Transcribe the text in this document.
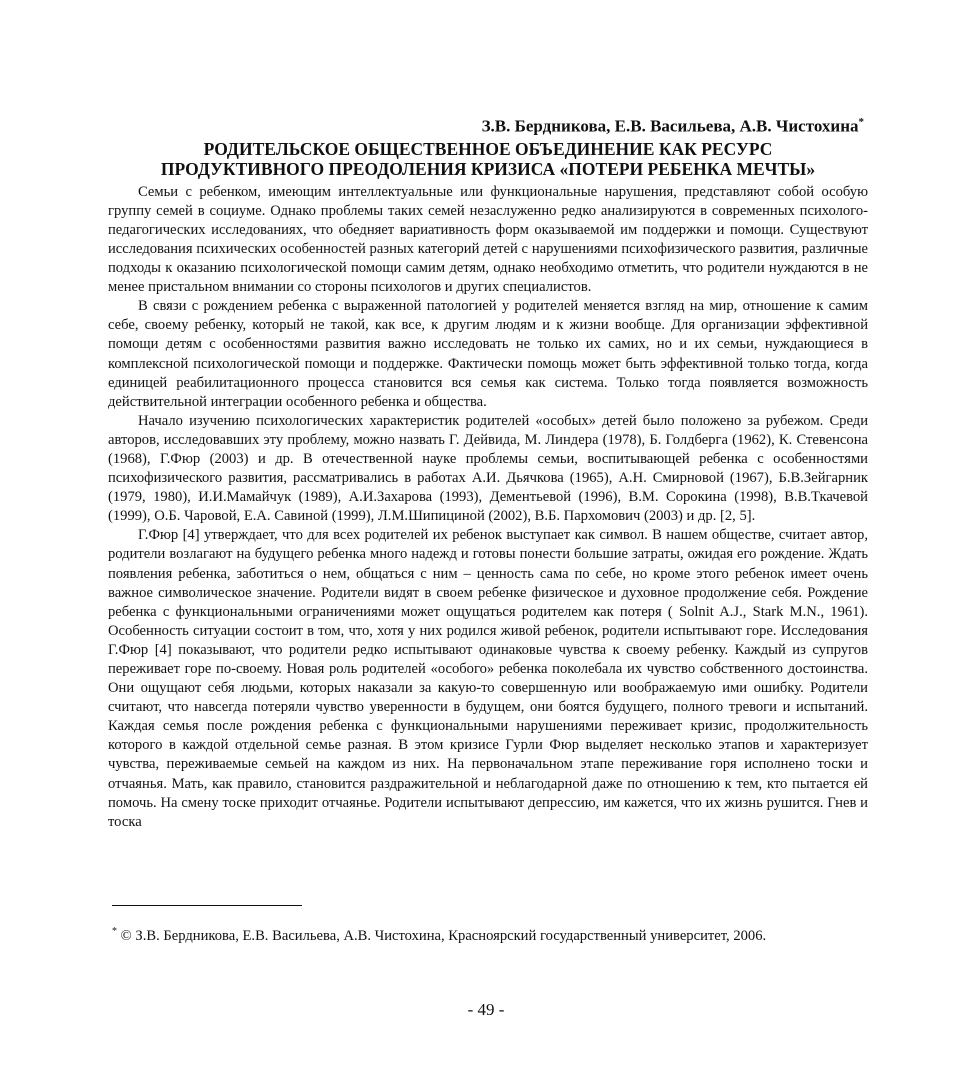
З.В. Бердникова, Е.В. Васильева, А.В. Чистохина*
РОДИТЕЛЬСКОЕ ОБЩЕСТВЕННОЕ ОБЪЕДИНЕНИЕ КАК РЕСУРС
ПРОДУКТИВНОГО ПРЕОДОЛЕНИЯ КРИЗИСА «ПОТЕРИ РЕБЕНКА МЕЧТЫ»

Семьи с ребенком, имеющим интеллектуальные или функциональные нарушения, представляют собой особую группу семей в социуме. Однако проблемы таких семей незаслуженно редко анализируются в современных психолого-педагогических исследованиях, что обедняет вариативность форм оказываемой им поддержки и помощи. Существуют исследования психических особенностей разных категорий детей с нарушениями психофизического развития, различные подходы к оказанию психологической помощи самим детям, однако необходимо отметить, что родители нуждаются в не менее пристальном внимании со стороны психологов и других специалистов.

В связи с рождением ребенка с выраженной патологией у родителей меняется взгляд на мир, отношение к самим себе, своему ребенку, который не такой, как все, к другим людям и к жизни вообще. Для организации эффективной помощи детям с особенностями развития важно исследовать не только их самих, но и их семьи, нуждающиеся в комплексной психологической помощи и поддержке. Фактически помощь может быть эффективной только тогда, когда единицей реабилитационного процесса становится вся семья как система. Только тогда появляется возможность действительной интеграции особенного ребенка и общества.

Начало изучению психологических характеристик родителей «особых» детей было положено за рубежом. Среди авторов, исследовавших эту проблему, можно назвать Г. Дейвида, М. Линдера (1978), Б. Голдберга (1962), К. Стевенсона (1968), Г.Фюр (2003) и др. В отечественной науке проблемы семьи, воспитывающей ребенка с особенностями психофизического развития, рассматривались в работах А.И. Дьячкова (1965), А.Н. Смирновой (1967), Б.В.Зейгарник (1979, 1980), И.И.Мамайчук (1989), А.И.Захарова (1993), Дементьевой (1996), В.М. Сорокина (1998), В.В.Ткачевой (1999), О.Б. Чаровой, Е.А. Савиной (1999), Л.М.Шипициной (2002), В.Б. Пархомович (2003) и др. [2, 5].

Г.Фюр [4] утверждает, что для всех родителей их ребенок выступает как символ. В нашем обществе, считает автор, родители возлагают на будущего ребенка много надежд и готовы понести большие затраты, ожидая его рождение. Ждать появления ребенка, заботиться о нем, общаться с ним – ценность сама по себе, но кроме этого ребенок имеет очень важное символическое значение. Родители видят в своем ребенке физическое и духовное продолжение себя. Рождение ребенка с функциональными ограничениями может ощущаться родителем как потеря ( Solnit A.J., Stark M.N., 1961). Особенность ситуации состоит в том, что, хотя у них родился живой ребенок, родители испытывают горе. Исследования Г.Фюр [4] показывают, что родители редко испытывают одинаковые чувства к своему ребенку. Каждый из супругов переживает горе по-своему. Новая роль родителей «особого» ребенка поколебала их чувство собственного достоинства. Они ощущают себя людьми, которых наказали за какую-то совершенную или воображаемую ими ошибку. Родители считают, что навсегда потеряли чувство уверенности в будущем, они боятся будущего, полного тревоги и испытаний. Каждая семья после рождения ребенка с функциональными нарушениями переживает кризис, продолжительность которого в каждой отдельной семье разная. В этом кризисе Гурли Фюр выделяет несколько этапов и характеризует чувства, переживаемые семьей на каждом из них. На первоначальном этапе переживание горя исполнено тоски и отчаянья. Мать, как правило, становится раздражительной и неблагодарной даже по отношению к тем, кто пытается ей помочь. На смену тоске приходит отчаянье. Родители испытывают депрессию, им кажется, что их жизнь рушится. Гнев и тоска

* © З.В. Бердникова, Е.В. Васильева, А.В. Чистохина, Красноярский государственный университет, 2006.
- 49 -
